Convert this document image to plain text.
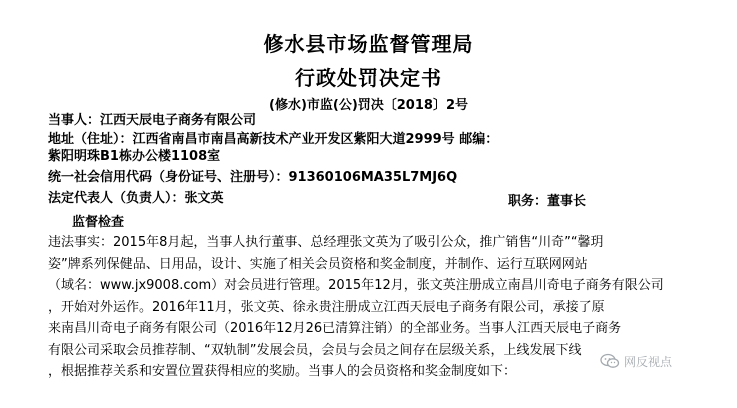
修水县市场监督管理局
行政处罚决定书
(修水)市监(公)罚决〔2018〕2号
当事人：江西天辰电子商务有限公司
地址（住址）：江西省南昌市南昌高新技术产业开发区紫阳大道2999号 邮编：
紫阳明珠B1栋办公楼1108室
统一社会信用代码（身份证号、注册号）：91360106MA35L7MJ6Q
法定代表人（负责人）：张文英	职务：董事长
监督检查
违法事实：2015年8月起，当事人执行董事、总经理张文英为了吸引公众，推广销售“川奇”“馨玥
姿”牌系列保健品、日用品，设计、实施了相关会员资格和奖金制度，并制作、运行互联网网站
（域名：www.jx9008.com）对会员进行管理。2015年12月，张文英注册成立南昌川奇电子商务有限公司
，开始对外运作。2016年11月，张文英、徐永贵注册成立江西天辰电子商务有限公司，承接了原
来南昌川奇电子商务有限公司（2016年12月26已清算注销）的全部业务。当事人江西天辰电子商务
有限公司采取会员推荐制、“双轨制”发展会员，会员与会员之间存在层级关系，上线发展下线
，根据推荐关系和安置位置获得相应的奖励。当事人的会员资格和奖金制度如下：
网反视点
